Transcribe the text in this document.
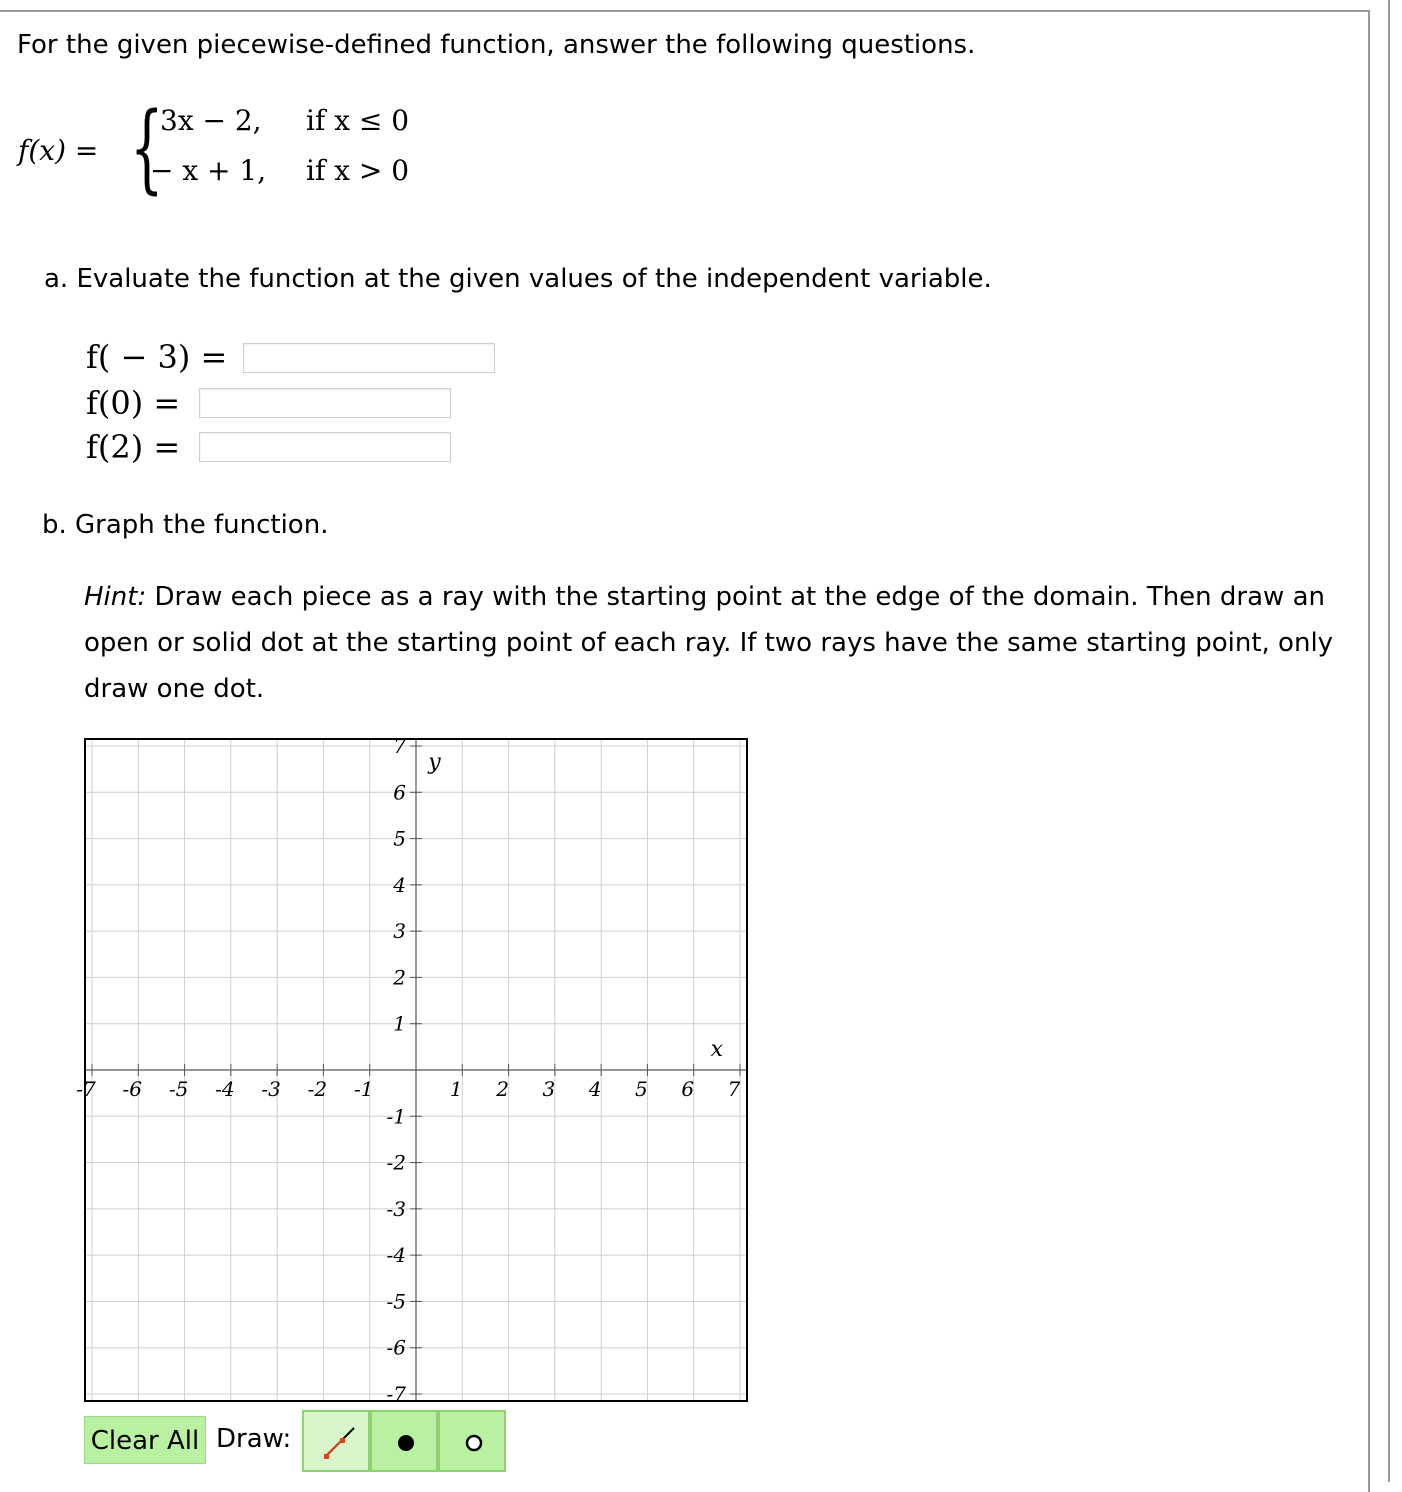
For the given piecewise-defined function, answer the following questions.
f(x) = {
3x − 2, if x ≤ 0
− x + 1, if x > 0
a. Evaluate the function at the given values of the independent variable.
f( − 3) =
f(0) =
f(2) =
b. Graph the function.
Hint: Draw each piece as a ray with the starting point at the edge of the domain. Then draw an open or solid dot at the starting point of each ray. If two rays have the same starting point, only draw one dot.
-7 -6 -5 -4 -3 -2 -1	1 2 3 4 5 6 7
7
6
5
4
3
2
1
-1
-2
-3
-4
-5
-6
-7
x
y
Clear All Draw:
